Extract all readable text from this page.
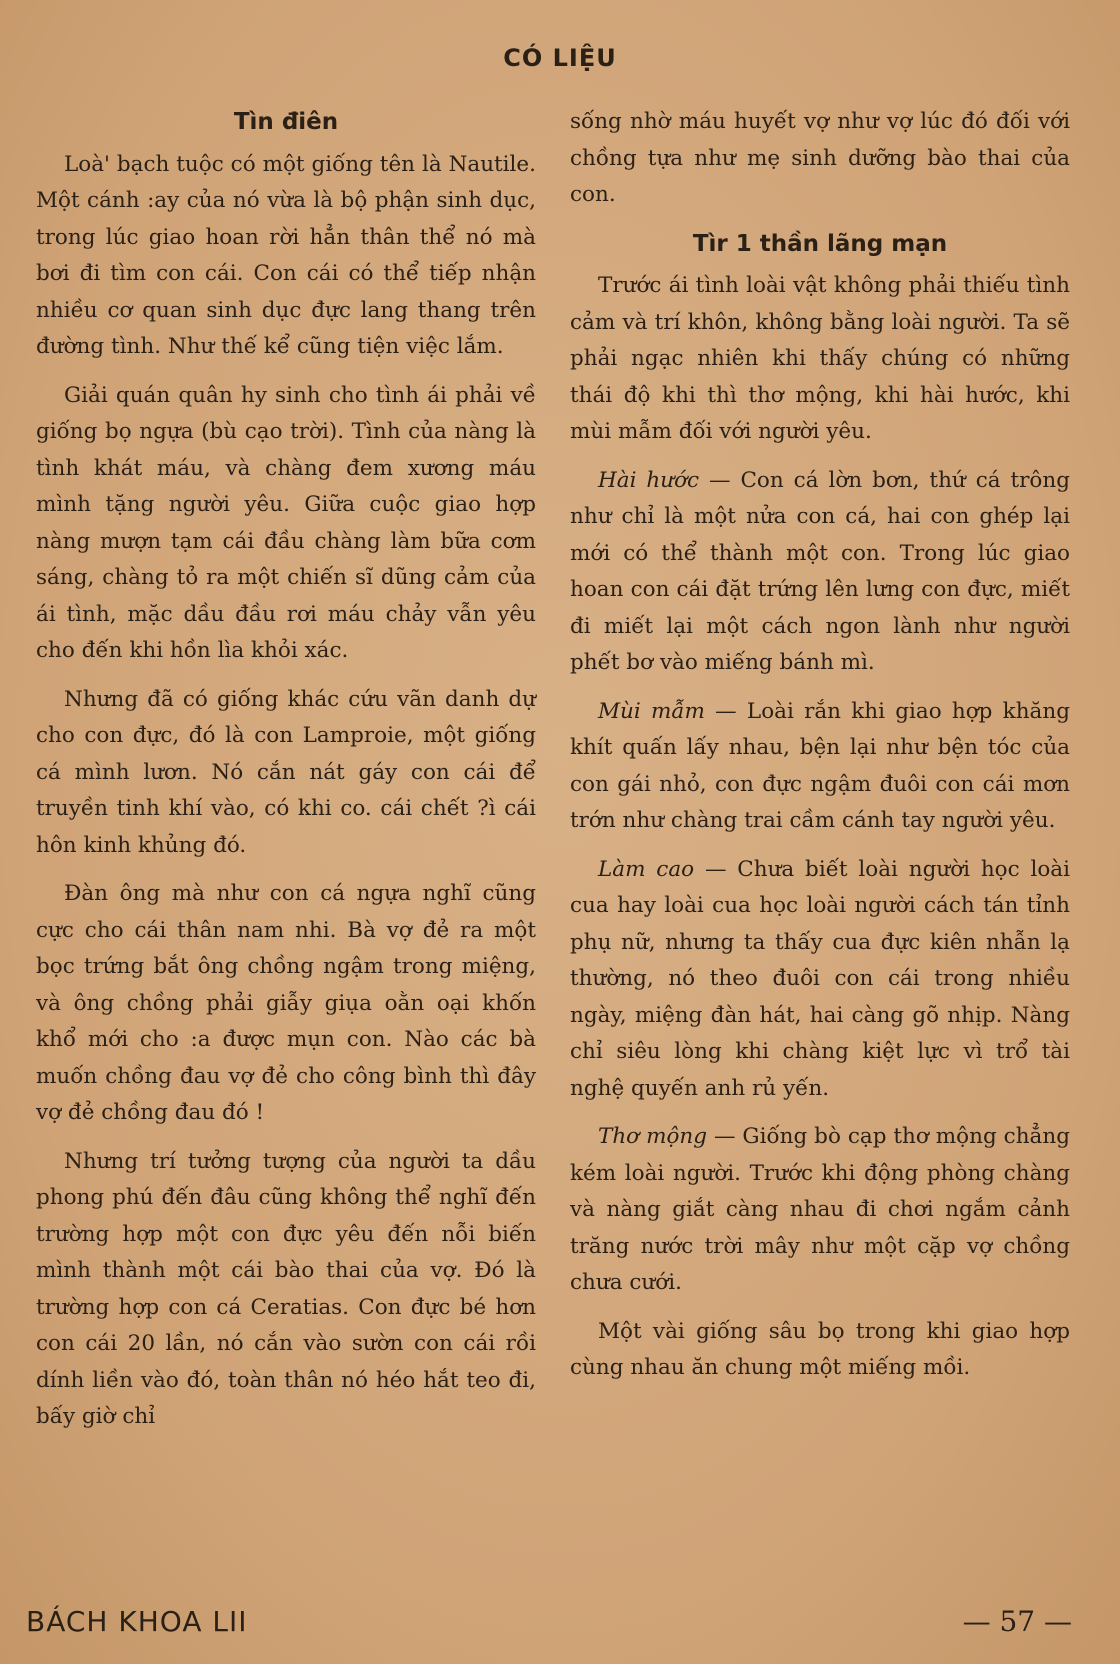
CÓ LIỆU
Tìn điên

Loà' bạch tuộc có một giống tên là Nautile. Một cánh :ay của nó vừa là bộ phận sinh dục, trong lúc giao hoan rời hẳn thân thể nó mà bơi đi tìm con cái. Con cái có thể tiếp nhận nhiều cơ quan sinh dục đực lang thang trên đường tình. Như thế kể cũng tiện việc lắm.

Giải quán quân hy sinh cho tình ái phải về giống bọ ngựa (bù cạo trời). Tình của nàng là tình khát máu, và chàng đem xương máu mình tặng người yêu. Giữa cuộc giao hợp nàng mượn tạm cái đầu chàng làm bữa cơm sáng, chàng tỏ ra một chiến sĩ dũng cảm của ái tình, mặc dầu đầu rơi máu chảy vẫn yêu cho đến khi hồn lìa khỏi xác.

Nhưng đã có giống khác cứu vãn danh dự cho con đực, đó là con Lamproie, một giống cá mình lươn. Nó cắn nát gáy con cái để truyền tinh khí vào, có khi co. cái chết ?ì cái hôn kinh khủng đó.

Đàn ông mà như con cá ngựa nghĩ cũng cực cho cái thân nam nhi. Bà vợ đẻ ra một bọc trứng bắt ông chồng ngậm trong miệng, và ông chồng phải giẫy giụa oằn oại khốn khổ mới cho :a được mụn con. Nào các bà muốn chồng đau vợ đẻ cho công bình thì đây vợ đẻ chồng đau đó !

Nhưng trí tưởng tượng của người ta dầu phong phú đến đâu cũng không thể nghĩ đến trường hợp một con đực yêu đến nỗi biến mình thành một cái bào thai của vợ. Đó là trường hợp con cá Ceratias. Con đực bé hơn con cái 20 lần, nó cắn vào sườn con cái rồi dính liền vào đó, toàn thân nó héo hắt teo đi, bấy giờ chỉ

sống nhờ máu huyết vợ như vợ lúc đó đối với chồng tựa như mẹ sinh dưỡng bào thai của con.

Tìr 1 thần lãng mạn

Trước ái tình loài vật không phải thiếu tình cảm và trí khôn, không bằng loài người. Ta sẽ phải ngạc nhiên khi thấy chúng có những thái độ khi thì thơ mộng, khi hài hước, khi mùi mẫm đối với người yêu.

Hài hước — Con cá lờn bơn, thứ cá trông như chỉ là một nửa con cá, hai con ghép lại mới có thể thành một con. Trong lúc giao hoan con cái đặt trứng lên lưng con đực, miết đi miết lại một cách ngon lành như người phết bơ vào miếng bánh mì.

Mùi mẫm — Loài rắn khi giao hợp khăng khít quấn lấy nhau, bện lại như bện tóc của con gái nhỏ, con đực ngậm đuôi con cái mơn trớn như chàng trai cầm cánh tay người yêu.

Làm cao — Chưa biết loài người học loài cua hay loài cua học loài người cách tán tỉnh phụ nữ, nhưng ta thấy cua đực kiên nhẫn lạ thường, nó theo đuôi con cái trong nhiều ngày, miệng đàn hát, hai càng gõ nhịp. Nàng chỉ siêu lòng khi chàng kiệt lực vì trổ tài nghệ quyến anh rủ yến.

Thơ mộng — Giống bò cạp thơ mộng chẳng kém loài người. Trước khi động phòng chàng và nàng giắt càng nhau đi chơi ngắm cảnh trăng nước trời mây như một cặp vợ chồng chưa cưới.

Một vài giống sâu bọ trong khi giao hợp cùng nhau ăn chung một miếng mồi.

BÁCH KHOA LII	— 57 —
